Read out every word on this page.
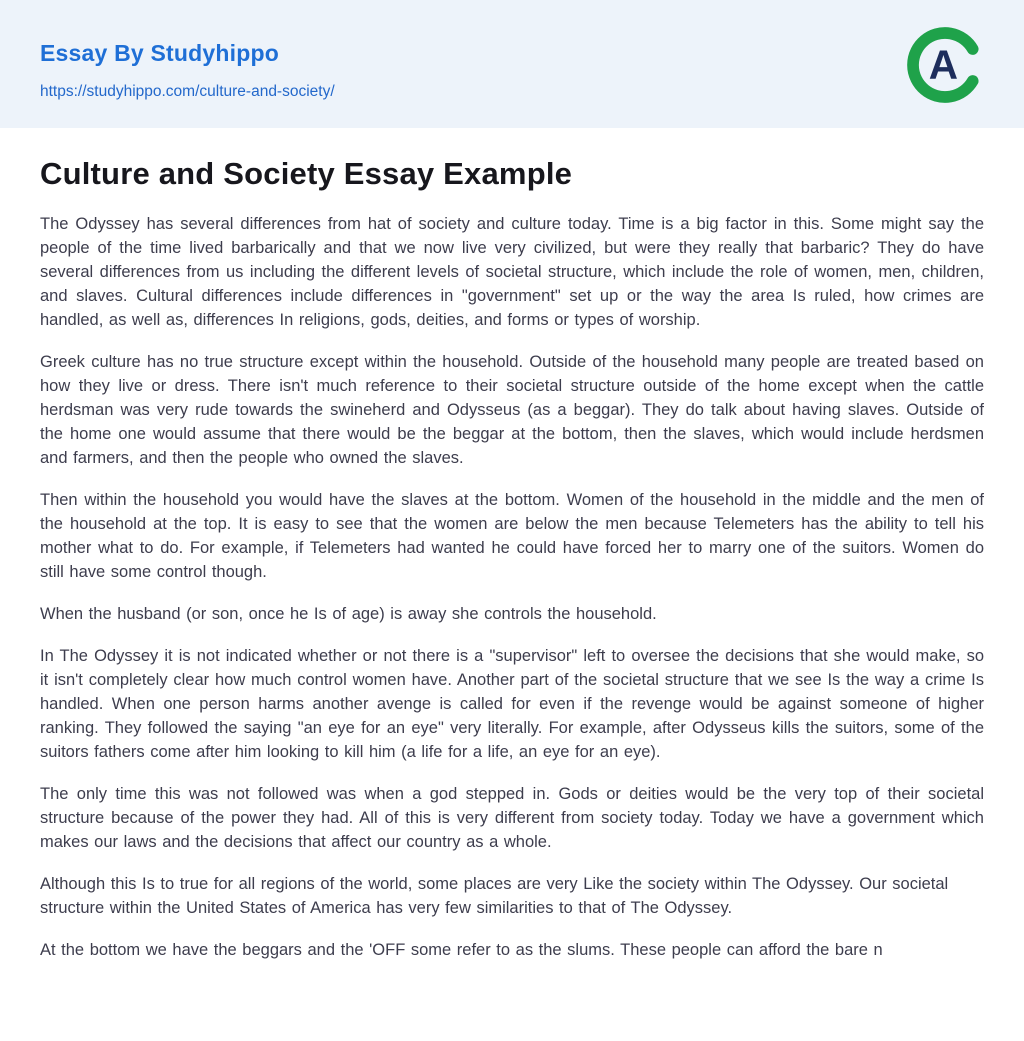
Essay By Studyhippo
https://studyhippo.com/culture-and-society/
A
Culture and Society Essay Example

The Odyssey has several differences from hat of society and culture today. Time is a big factor in this. Some might say the people of the time lived barbarically and that we now live very civilized, but were they really that barbaric? They do have several differences from us including the different levels of societal structure, which include the role of women, men, children, and slaves. Cultural differences include differences in "government" set up or the way the area Is ruled, how crimes are handled, as well as, differences In religions, gods, deities, and forms or types of worship.

Greek culture has no true structure except within the household. Outside of the household many people are treated based on how they live or dress. There isn't much reference to their societal structure outside of the home except when the cattle herdsman was very rude towards the swineherd and Odysseus (as a beggar). They do talk about having slaves. Outside of the home one would assume that there would be the beggar at the bottom, then the slaves, which would include herdsmen and farmers, and then the people who owned the slaves.

Then within the household you would have the slaves at the bottom. Women of the household in the middle and the men of the household at the top. It is easy to see that the women are below the men because Telemeters has the ability to tell his mother what to do. For example, if Telemeters had wanted he could have forced her to marry one of the suitors. Women do still have some control though.

When the husband (or son, once he Is of age) is away she controls the household.

In The Odyssey it is not indicated whether or not there is a "supervisor" left to oversee the decisions that she would make, so it isn't completely clear how much control women have. Another part of the societal structure that we see Is the way a crime Is handled. When one person harms another avenge is called for even if the revenge would be against someone of higher ranking. They followed the saying "an eye for an eye" very literally. For example, after Odysseus kills the suitors, some of the suitors fathers come after him looking to kill him (a life for a life, an eye for an eye).

The only time this was not followed was when a god stepped in. Gods or deities would be the very top of their societal structure because of the power they had. All of this is very different from society today. Today we have a government which makes our laws and the decisions that affect our country as a whole.

Although this Is to true for all regions of the world, some places are very Like the society within The Odyssey. Our societal structure within the United States of America has very few similarities to that of The Odyssey.

At the bottom we have the beggars and the 'OFF some refer to as the slums. These people can afford the bare n
